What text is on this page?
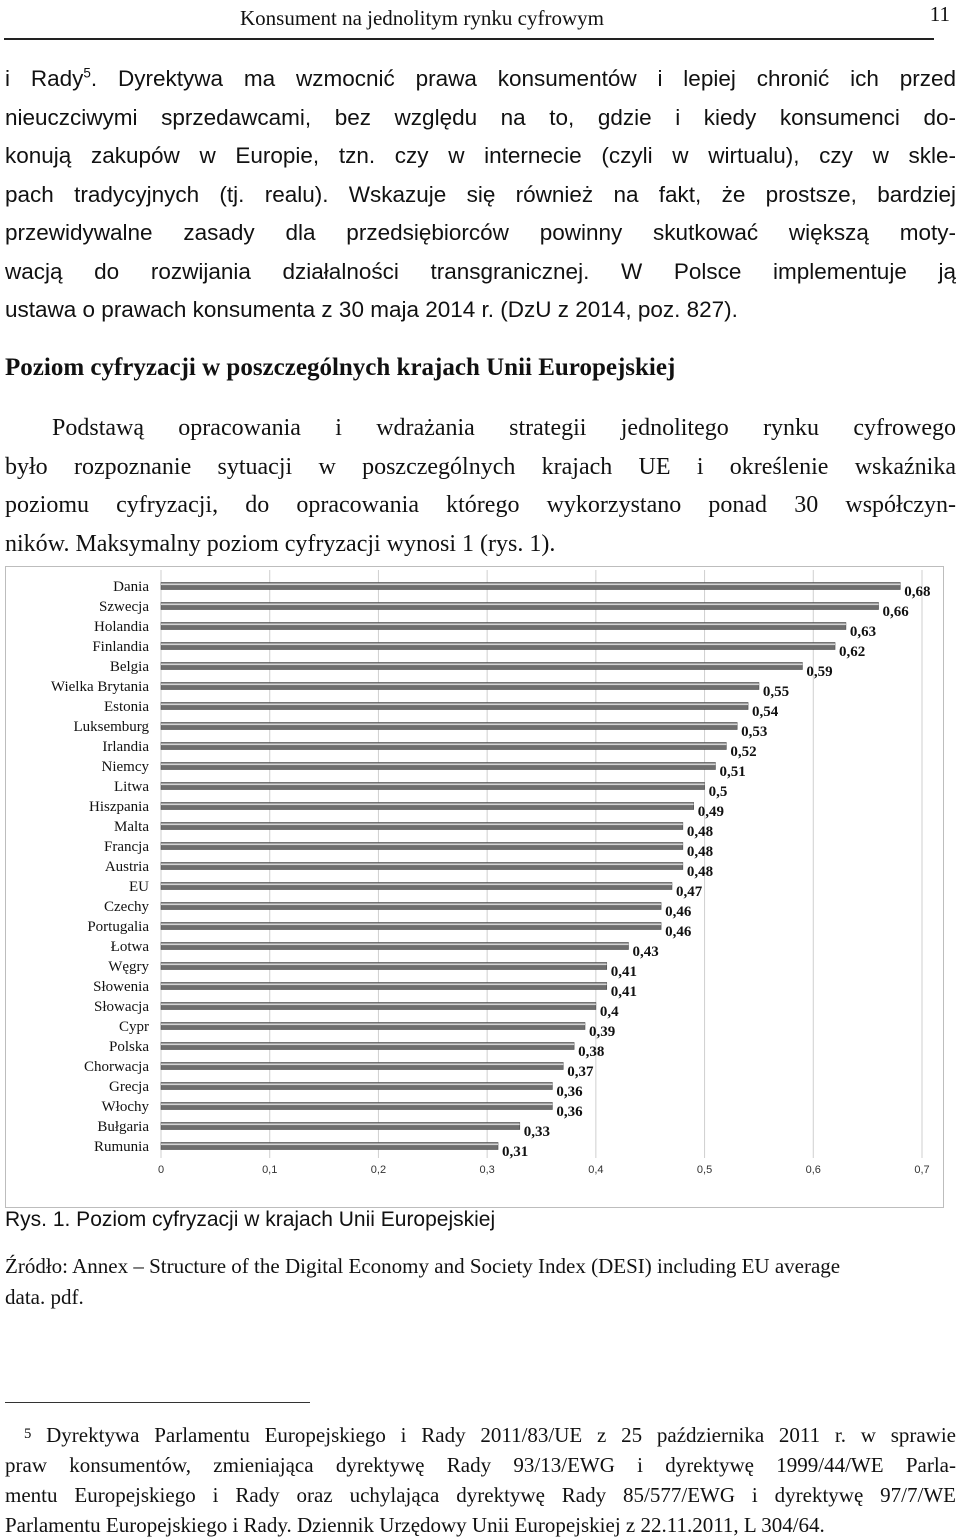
Konsument na jednolitym rynku cyfrowym	11
i Rady$^5$. Dyrektywa ma wzmocnić prawa konsumentów i lepiej chronić ich przed
nieuczciwymi sprzedawcami, bez względu na to, gdzie i kiedy konsumenci do-
konują zakupów w Europie, tzn. czy w internecie (czyli w wirtualu), czy w skle-
pach tradycyjnych (tj. realu). Wskazuje się również na fakt, że prostsze, bardziej
przewidywalne zasady dla przedsiębiorców powinny skutkować większą moty-
wacją do rozwijania działalności transgranicznej. W Polsce implementuje ją
ustawa o prawach konsumenta z 30 maja 2014 r. (DzU z 2014, poz. 827).
Poziom cyfryzacji w poszczególnych krajach Unii Europejskiej
Podstawą opracowania i wdrażania strategii jednolitego rynku cyfrowego
było rozpoznanie sytuacji w poszczególnych krajach UE i określenie wskaźnika
poziomu cyfryzacji, do opracowania którego wykorzystano ponad 30 współczyn-
ników. Maksymalny poziom cyfryzacji wynosi 1 (rys. 1).
0	0,1	0,2	0,3	0,4	0,5	0,6	0,7
Dania	0,68
Szwecja	0,66
Holandia	0,63
Finlandia	0,62
Belgia	0,59
Wielka Brytania	0,55
Estonia	0,54
Luksemburg	0,53
Irlandia	0,52
Niemcy	0,51
Litwa	0,5
Hiszpania	0,49
Malta	0,48
Francja	0,48
Austria	0,48
EU	0,47
Czechy	0,46
Portugalia	0,46
Łotwa	0,43
Węgry	0,41
Słowenia	0,41
Słowacja	0,4
Cypr	0,39
Polska	0,38
Chorwacja	0,37
Grecja	0,36
Włochy	0,36
Bułgaria	0,33
Rumunia	0,31
Rys. 1. Poziom cyfryzacji w krajach Unii Europejskiej
Źródło: Annex – Structure of the Digital Economy and Society Index (DESI) including EU average
data. pdf.
5 Dyrektywa Parlamentu Europejskiego i Rady 2011/83/UE z 25 października 2011 r. w sprawie
praw konsumentów, zmieniająca dyrektywę Rady 93/13/EWG i dyrektywę 1999/44/WE Parla-
mentu Europejskiego i Rady oraz uchylająca dyrektywę Rady 85/577/EWG i dyrektywę 97/7/WE
Parlamentu Europejskiego i Rady. Dziennik Urzędowy Unii Europejskiej z 22.11.2011, L 304/64.
